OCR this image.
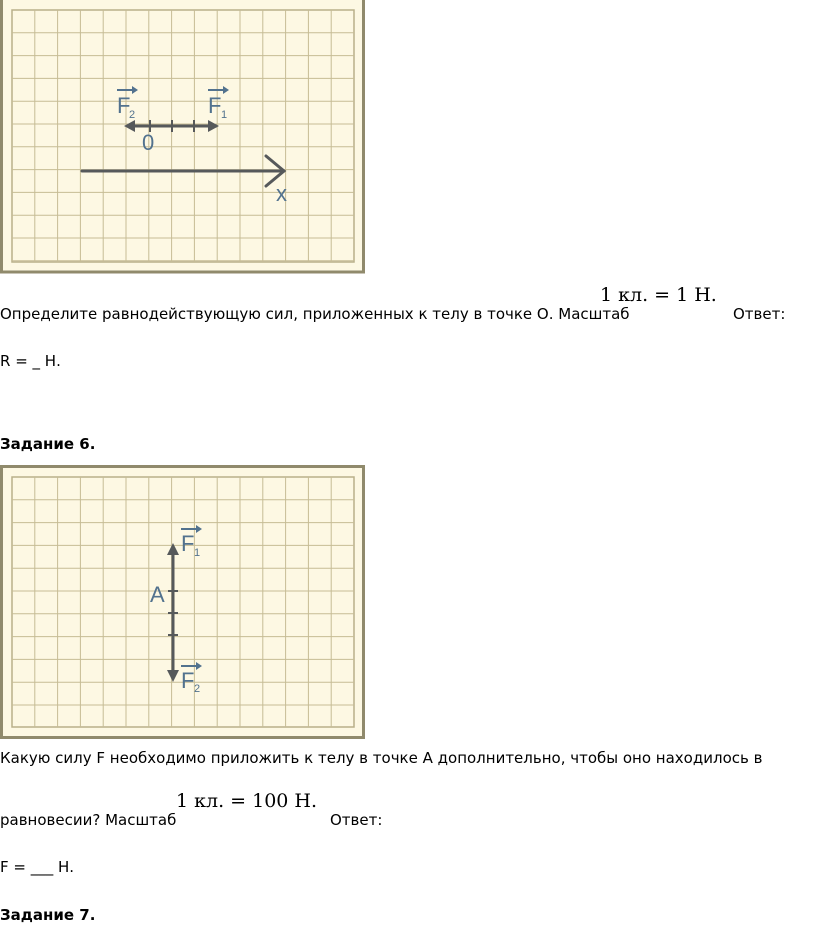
F
2	F 1
0
x
Определите равнодействующую сил, приложенных к телу в точке О. Масштаб
1 кл. = 1 Н.
Ответ:
R = _ Н.
Задание 6.
F 1
A
F 2
Какую силу F необходимо приложить к телу в точке А дополнительно, чтобы оно находилось в
равновесии? Масштаб
1 кл. = 100 Н.
Ответ:
F = ___ Н.
Задание 7.
